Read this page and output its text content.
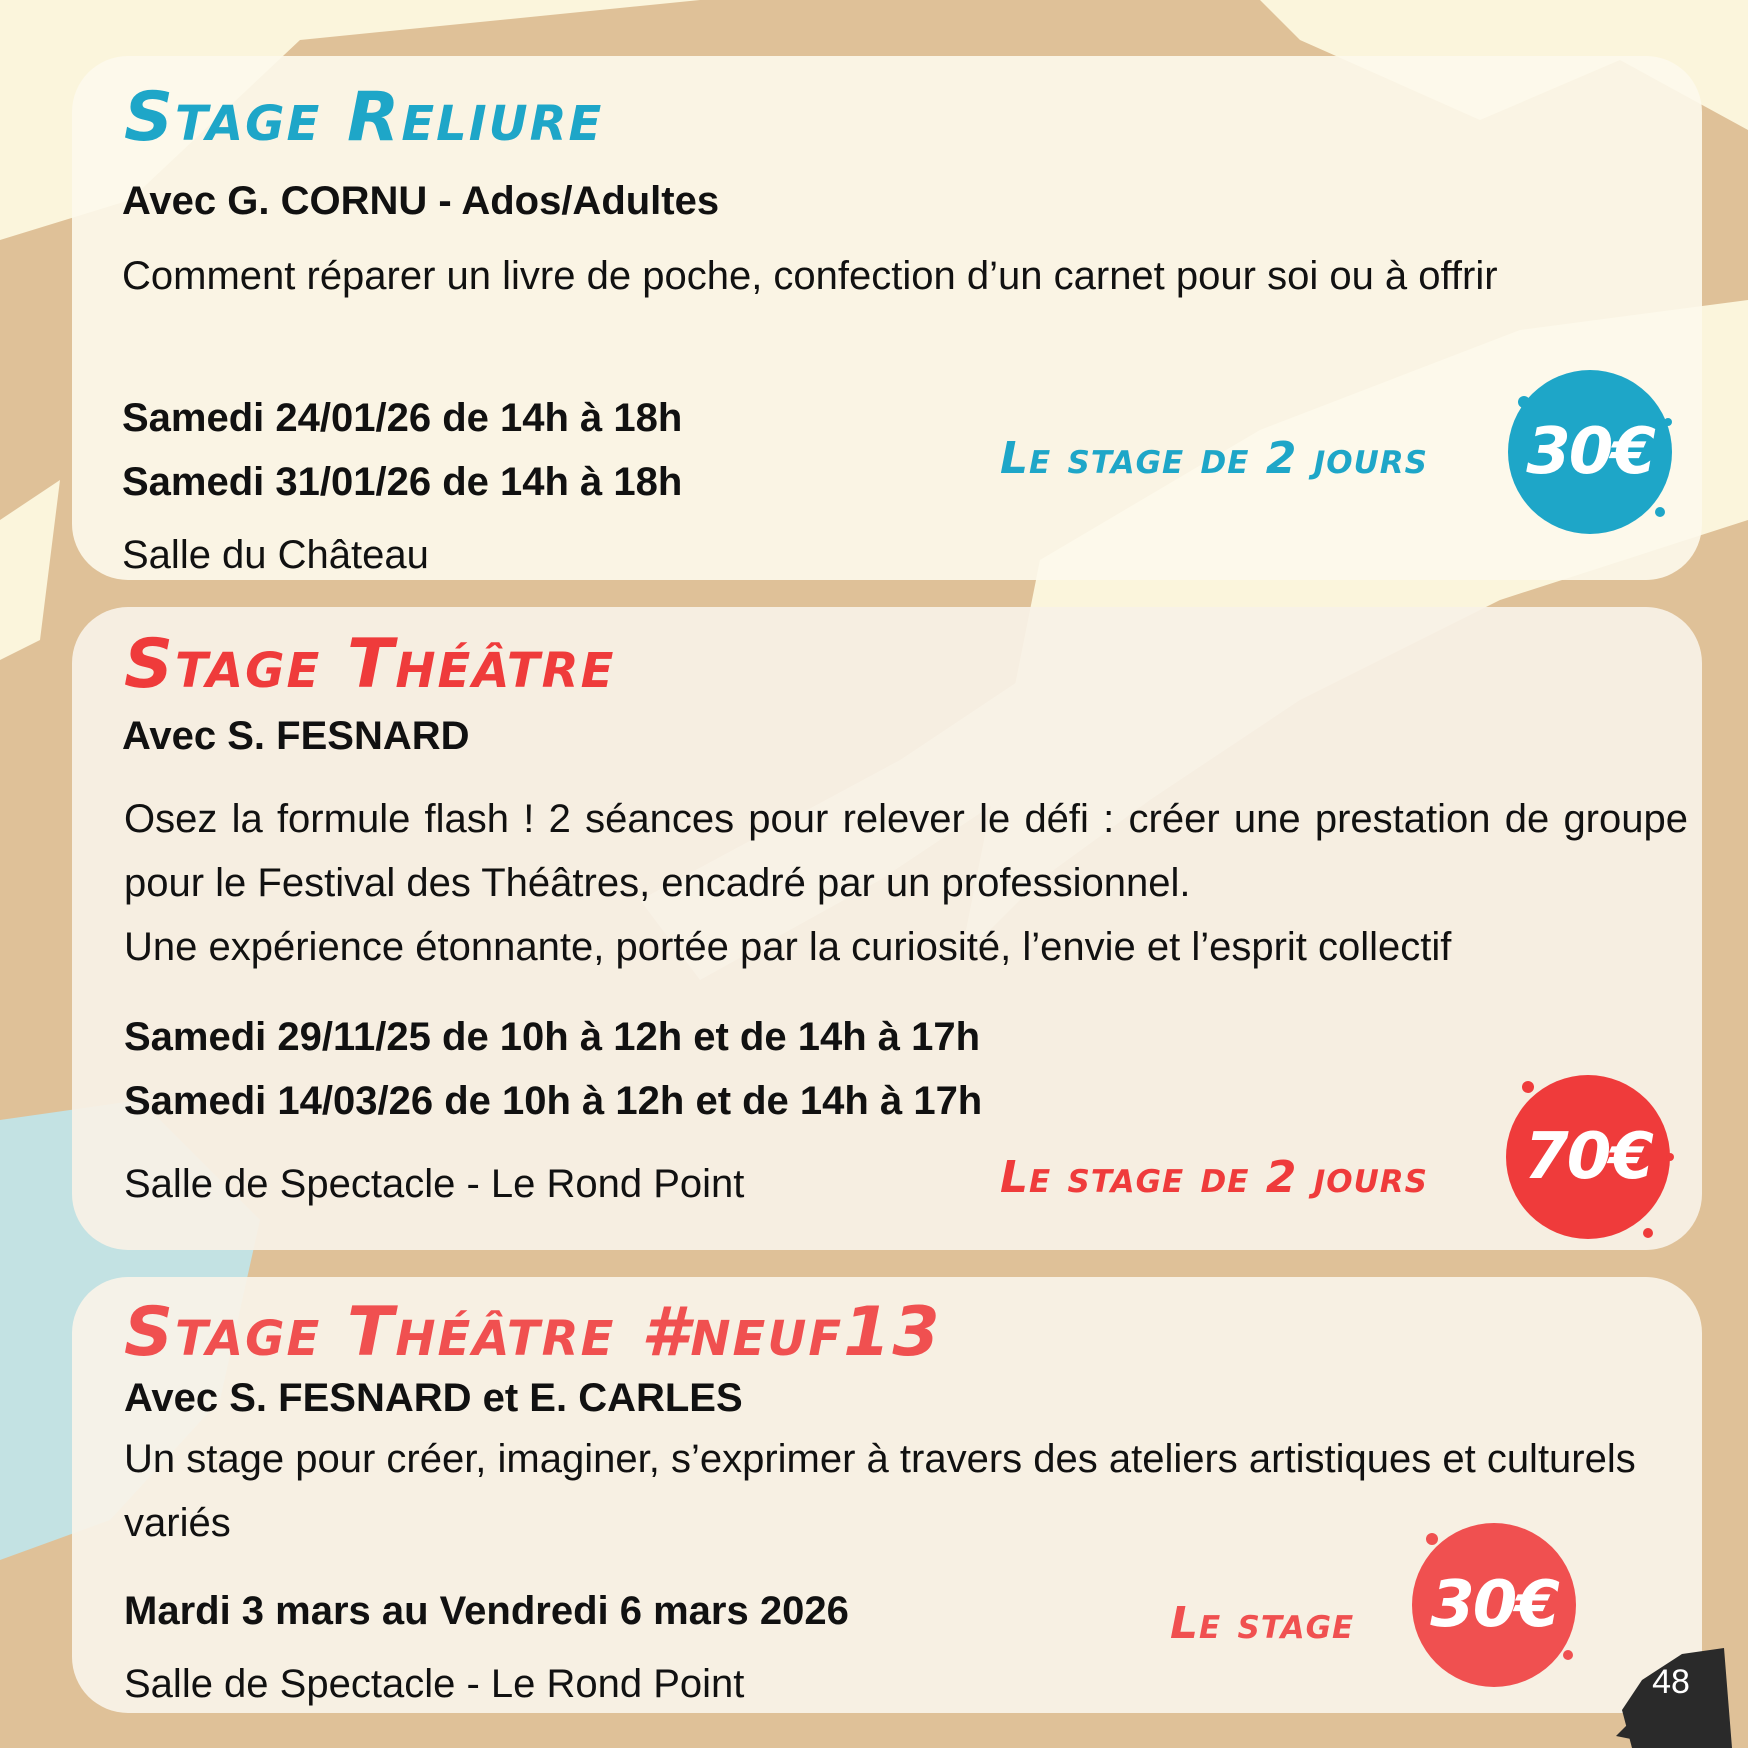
Stage Reliure

Avec G. CORNU - Ados/Adultes

Comment réparer un livre de poche, confection d’un carnet pour soi ou à offrir

Samedi 24/01/26 de 14h à 18h

Samedi 31/01/26 de 14h à 18h

Salle du Château

Le stage de 2 jours 30€
Stage Théâtre

Avec S. FESNARD

Osez la formule flash ! 2 séances pour relever le défi : créer une prestation de groupe pour le Festival des Théâtres, encadré par un professionnel.

Une expérience étonnante, portée par la curiosité, l’envie et l’esprit collectif

Samedi 29/11/25 de 10h à 12h et de 14h à 17h

Samedi 14/03/26 de 10h à 12h et de 14h à 17h

Salle de Spectacle - Le Rond Point	Le stage de 2 jours 70€
Stage Théâtre #neuf13

Avec S. FESNARD et E. CARLES

Un stage pour créer, imaginer, s’exprimer à travers des ateliers artistiques et culturels variés

Mardi 3 mars au Vendredi 6 mars 2026

Salle de Spectacle - Le Rond Point

Le stage 30€
48
